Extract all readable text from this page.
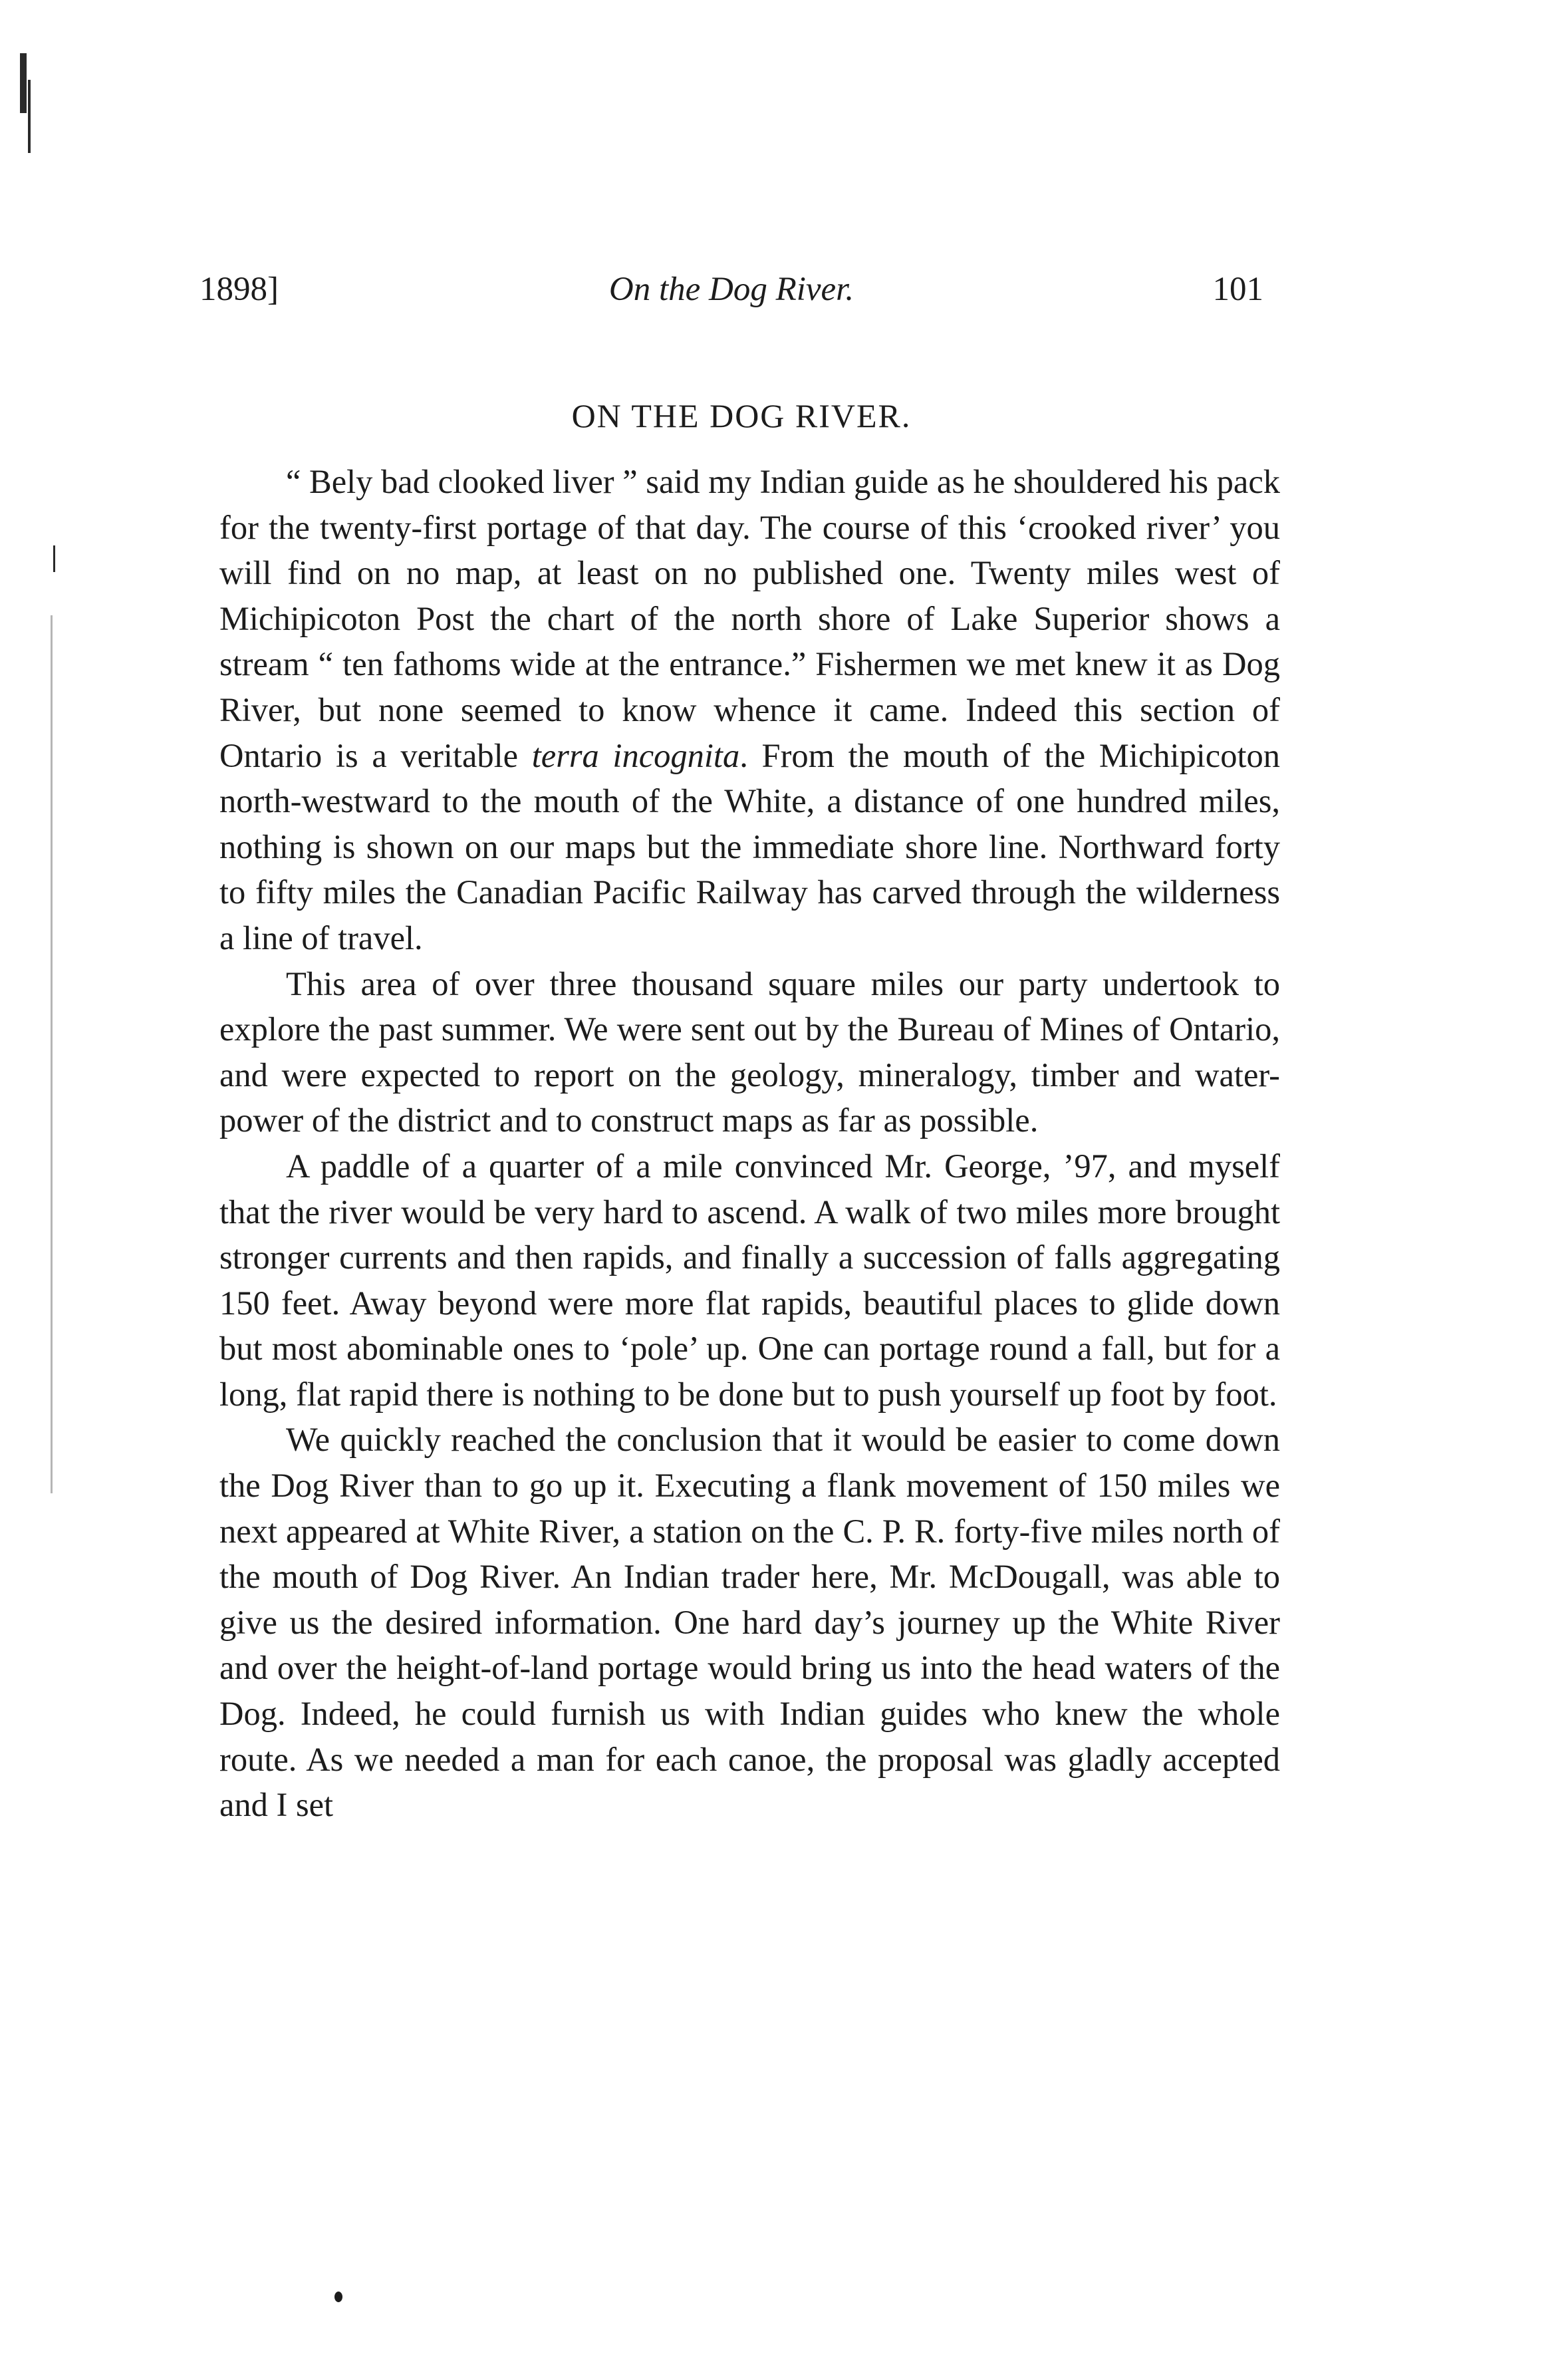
1898]	On the Dog River.	101
ON THE DOG RIVER.

“ Bely bad clooked liver ” said my Indian guide as he shouldered his pack for the twenty-first portage of that day. The course of this ‘crooked river’ you will find on no map, at least on no published one. Twenty miles west of Michipicoton Post the chart of the north shore of Lake Superior shows a stream “ ten fathoms wide at the entrance.” Fishermen we met knew it as Dog River, but none seemed to know whence it came. Indeed this section of Ontario is a veritable terra incognita. From the mouth of the Michipicoton north-westward to the mouth of the White, a distance of one hundred miles, nothing is shown on our maps but the immediate shore line. Northward forty to fifty miles the Canadian Pacific Railway has carved through the wilderness a line of travel.

This area of over three thousand square miles our party undertook to explore the past summer. We were sent out by the Bureau of Mines of Ontario, and were expected to report on the geology, mineralogy, timber and water-power of the district and to construct maps as far as possible.

A paddle of a quarter of a mile convinced Mr. George, ’97, and myself that the river would be very hard to ascend. A walk of two miles more brought stronger currents and then rapids, and finally a succession of falls aggregating 150 feet. Away beyond were more flat rapids, beautiful places to glide down but most abominable ones to ‘pole’ up. One can portage round a fall, but for a long, flat rapid there is nothing to be done but to push yourself up foot by foot.

We quickly reached the conclusion that it would be easier to come down the Dog River than to go up it. Executing a flank movement of 150 miles we next appeared at White River, a station on the C. P. R. forty-five miles north of the mouth of Dog River. An Indian trader here, Mr. McDougall, was able to give us the desired information. One hard day’s journey up the White River and over the height-of-land portage would bring us into the head waters of the Dog. Indeed, he could furnish us with Indian guides who knew the whole route. As we needed a man for each canoe, the proposal was gladly accepted and I set
